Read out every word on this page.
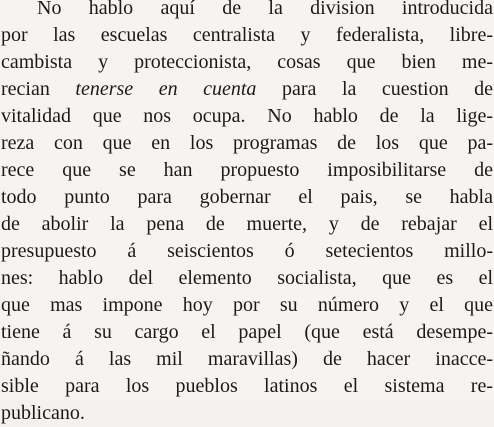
No hablo aquí de la division introducida
por las escuelas centralista y federalista, libre-
cambista y proteccionista, cosas que bien me-
recian tenerse en cuenta para la cuestion de
vitalidad que nos ocupa. No hablo de la lige-
reza con que en los programas de los que pa-
rece que se han propuesto imposibilitarse de
todo punto para gobernar el pais, se habla
de abolir la pena de muerte, y de rebajar el
presupuesto á seiscientos ó setecientos millo-
nes: hablo del elemento socialista, que es el
que mas impone hoy por su número y el que
tiene á su cargo el papel (que está desempe-
ñando á las mil maravillas) de hacer inacce-
sible para los pueblos latinos el sistema re-
publicano.
